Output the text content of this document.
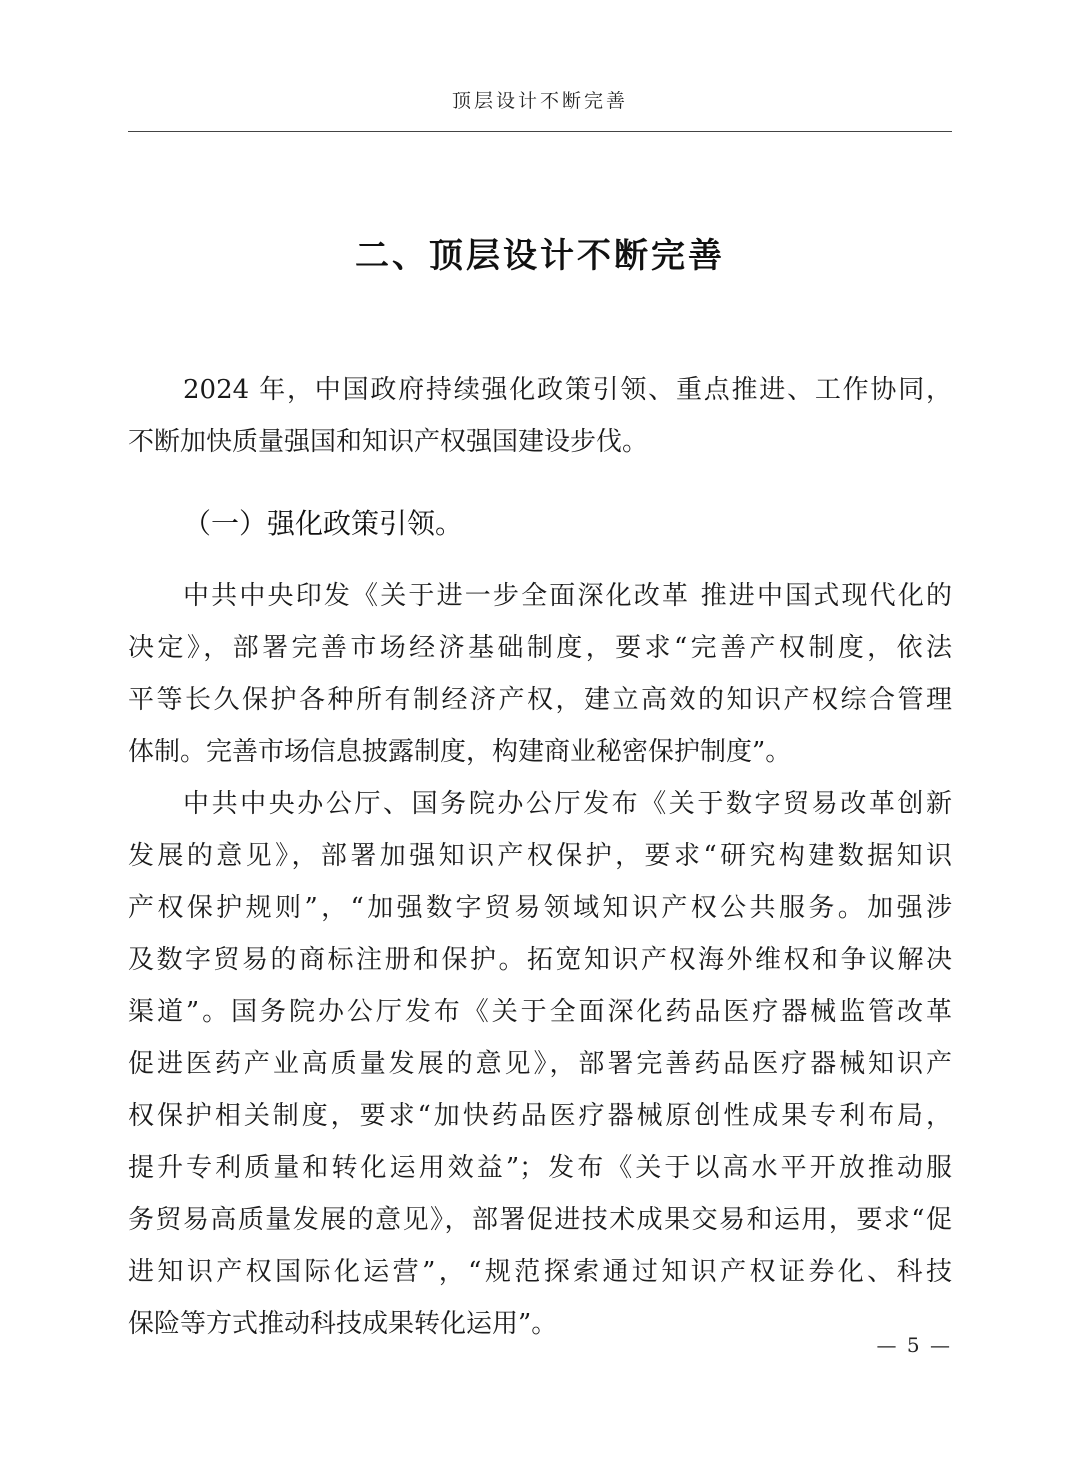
顶层设计不断完善
二、顶层设计不断完善
2024 年，中国政府持续强化政策引领、重点推进、工作协同，
不断加快质量强国和知识产权强国建设步伐。
（一）强化政策引领。
中共中央印发《关于进一步全面深化改革 推进中国式现代化的
决定》，部署完善市场经济基础制度，要求“完善产权制度，依法
平等长久保护各种所有制经济产权，建立高效的知识产权综合管理
体制。完善市场信息披露制度，构建商业秘密保护制度”。
中共中央办公厅、国务院办公厅发布《关于数字贸易改革创新
发展的意见》，部署加强知识产权保护，要求“研究构建数据知识
产权保护规则”，“加强数字贸易领域知识产权公共服务。加强涉
及数字贸易的商标注册和保护。拓宽知识产权海外维权和争议解决
渠道”。国务院办公厅发布《关于全面深化药品医疗器械监管改革
促进医药产业高质量发展的意见》，部署完善药品医疗器械知识产
权保护相关制度，要求“加快药品医疗器械原创性成果专利布局，
提升专利质量和转化运用效益”；发布《关于以高水平开放推动服
务贸易高质量发展的意见》，部署促进技术成果交易和运用，要求“促
进知识产权国际化运营”，“规范探索通过知识产权证券化、科技
保险等方式推动科技成果转化运用”。
— 5 —
